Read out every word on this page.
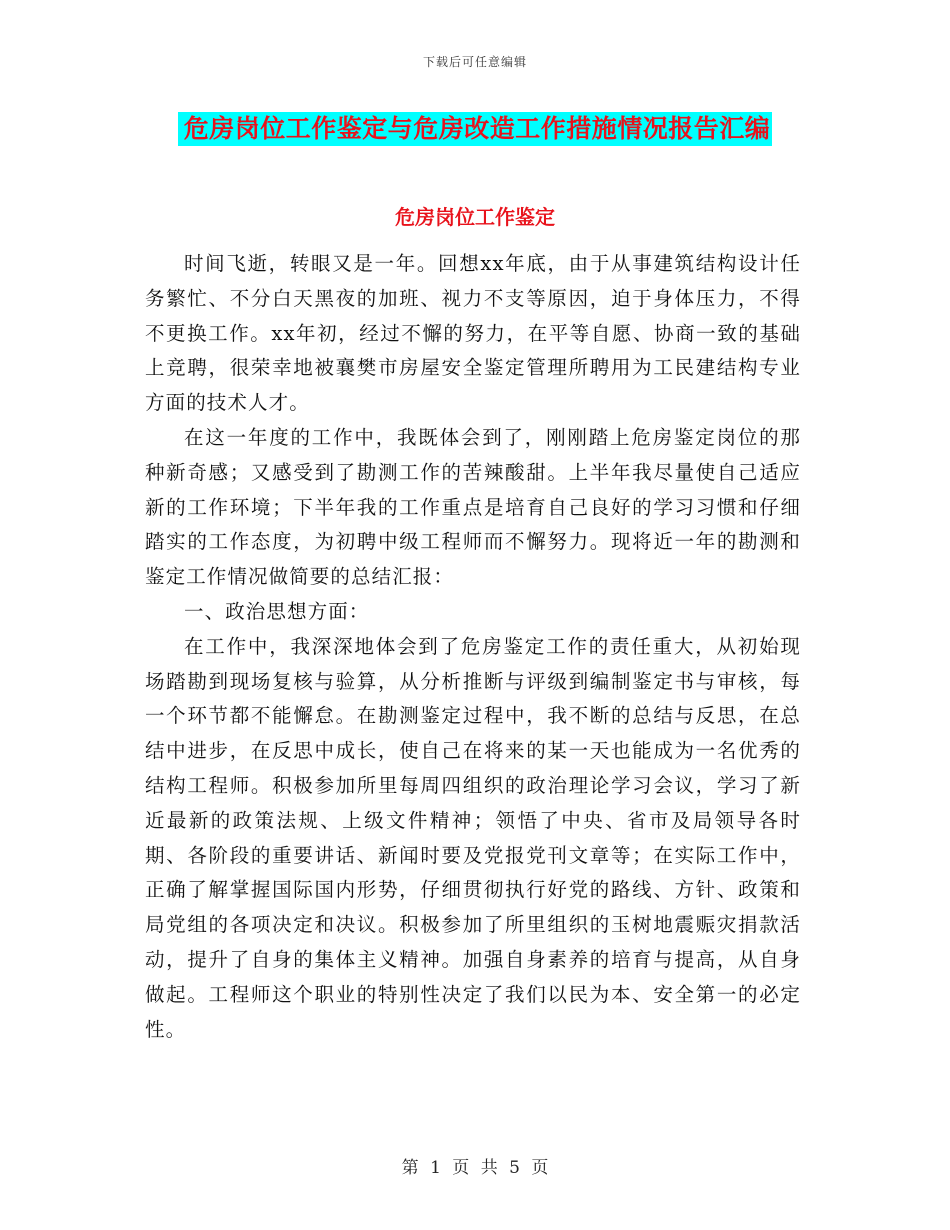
下载后可任意编辑
危房岗位工作鉴定与危房改造工作措施情况报告汇编
危房岗位工作鉴定

时间飞逝，转眼又是一年。回想xx年底，由于从事建筑结构设计任务繁忙、不分白天黑夜的加班、视力不支等原因，迫于身体压力，不得不更换工作。xx年初，经过不懈的努力，在平等自愿、协商一致的基础上竞聘，很荣幸地被襄樊市房屋安全鉴定管理所聘用为工民建结构专业方面的技术人才。

在这一年度的工作中，我既体会到了，刚刚踏上危房鉴定岗位的那种新奇感；又感受到了勘测工作的苦辣酸甜。上半年我尽量使自己适应新的工作环境；下半年我的工作重点是培育自己良好的学习习惯和仔细踏实的工作态度，为初聘中级工程师而不懈努力。现将近一年的勘测和鉴定工作情况做简要的总结汇报：

一、政治思想方面：

在工作中，我深深地体会到了危房鉴定工作的责任重大，从初始现场踏勘到现场复核与验算，从分析推断与评级到编制鉴定书与审核，每一个环节都不能懈怠。在勘测鉴定过程中，我不断的总结与反思，在总结中进步，在反思中成长，使自己在将来的某一天也能成为一名优秀的结构工程师。积极参加所里每周四组织的政治理论学习会议，学习了新近最新的政策法规、上级文件精神；领悟了中央、省市及局领导各时期、各阶段的重要讲话、新闻时要及党报党刊文章等；在实际工作中，正确了解掌握国际国内形势，仔细贯彻执行好党的路线、方针、政策和局党组的各项决定和决议。积极参加了所里组织的玉树地震赈灾捐款活动，提升了自身的集体主义精神。加强自身素养的培育与提高，从自身做起。工程师这个职业的特别性决定了我们以民为本、安全第一的必定性。

第 1 页 共 5 页
